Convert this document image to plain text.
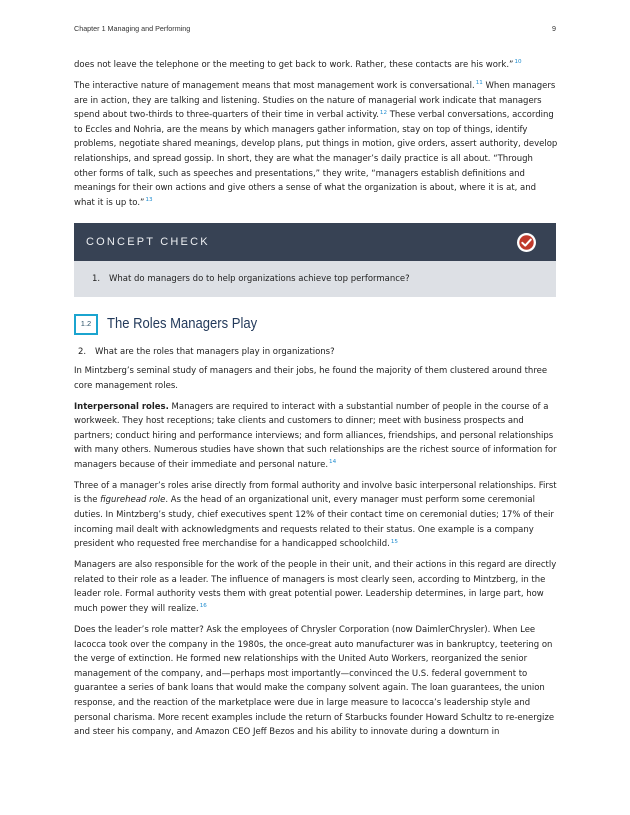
Chapter 1 Managing and Performing	9

does not leave the telephone or the meeting to get back to work. Rather, these contacts are his work.”$^{10}$

The interactive nature of management means that most management work is conversational.$^{11}$ When managers are in action, they are talking and listening. Studies on the nature of managerial work indicate that managers spend about two-thirds to three-quarters of their time in verbal activity.$^{12}$ These verbal conversations, according to Eccles and Nohria, are the means by which managers gather information, stay on top of things, identify problems, negotiate shared meanings, develop plans, put things in motion, give orders, assert authority, develop relationships, and spread gossip. In short, they are what the manager’s daily practice is all about. “Through other forms of talk, such as speeches and presentations,” they write, “managers establish definitions and meanings for their own actions and give others a sense of what the organization is about, where it is at, and what it is up to.”$^{13}$

CONCEPT CHECK
1.	What do managers do to help organizations achieve top performance?
1.2	The Roles Managers Play
2.	What are the roles that managers play in organizations?

In Mintzberg’s seminal study of managers and their jobs, he found the majority of them clustered around three core management roles.

Interpersonal roles. Managers are required to interact with a substantial number of people in the course of a workweek. They host receptions; take clients and customers to dinner; meet with business prospects and partners; conduct hiring and performance interviews; and form alliances, friendships, and personal relationships with many others. Numerous studies have shown that such relationships are the richest source of information for managers because of their immediate and personal nature.$^{14}$

Three of a manager’s roles arise directly from formal authority and involve basic interpersonal relationships. First is the figurehead role. As the head of an organizational unit, every manager must perform some ceremonial duties. In Mintzberg’s study, chief executives spent 12% of their contact time on ceremonial duties; 17% of their incoming mail dealt with acknowledgments and requests related to their status. One example is a company president who requested free merchandise for a handicapped schoolchild.$^{15}$

Managers are also responsible for the work of the people in their unit, and their actions in this regard are directly related to their role as a leader. The influence of managers is most clearly seen, according to Mintzberg, in the leader role. Formal authority vests them with great potential power. Leadership determines, in large part, how much power they will realize.$^{16}$

Does the leader’s role matter? Ask the employees of Chrysler Corporation (now DaimlerChrysler). When Lee Iacocca took over the company in the 1980s, the once-great auto manufacturer was in bankruptcy, teetering on the verge of extinction. He formed new relationships with the United Auto Workers, reorganized the senior management of the company, and—perhaps most importantly—convinced the U.S. federal government to guarantee a series of bank loans that would make the company solvent again. The loan guarantees, the union response, and the reaction of the marketplace were due in large measure to Iacocca’s leadership style and personal charisma. More recent examples include the return of Starbucks founder Howard Schultz to re-energize and steer his company, and Amazon CEO Jeff Bezos and his ability to innovate during a downturn in
